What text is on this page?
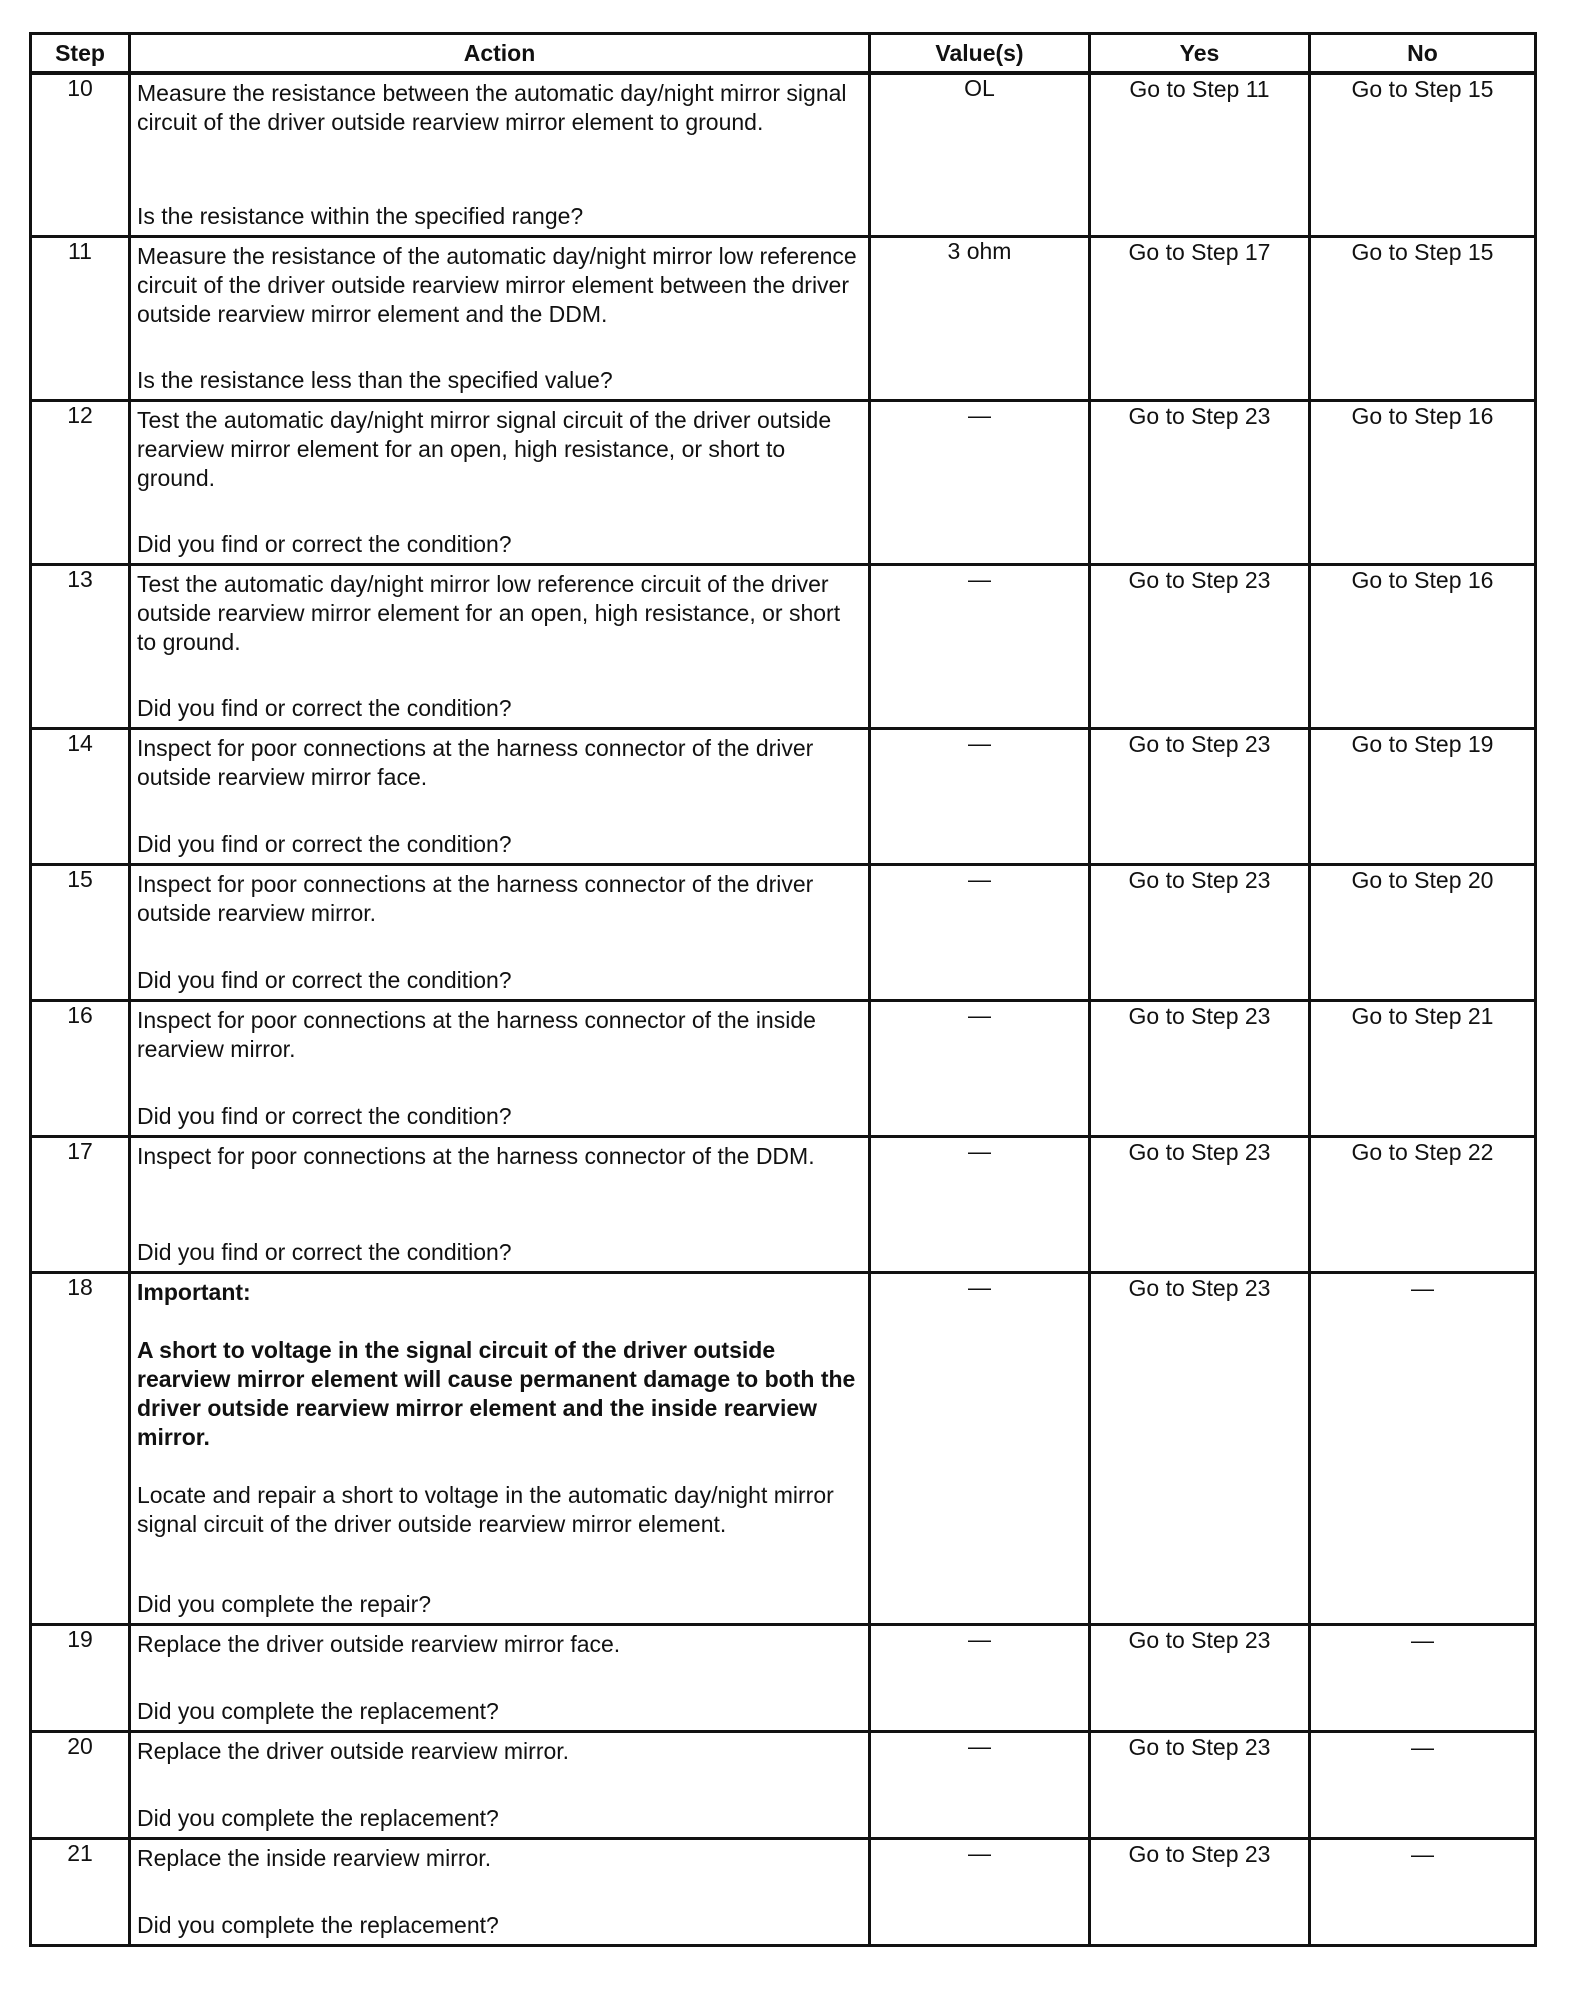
Step	Action	Value(s)	Yes	No
10	Measure the resistance between the automatic day/night mirror signal circuit of the driver outside rearview mirror element to ground.

Is the resistance within the specified range?	OL	Go to Step 11	Go to Step 15
11	Measure the resistance of the automatic day/night mirror low reference circuit of the driver outside rearview mirror element between the driver outside rearview mirror element and the DDM.

Is the resistance less than the specified value?	3 ohm	Go to Step 17	Go to Step 15
12	Test the automatic day/night mirror signal circuit of the driver outside rearview mirror element for an open, high resistance, or short to ground.

Did you find or correct the condition?	—	Go to Step 23	Go to Step 16
13	Test the automatic day/night mirror low reference circuit of the driver outside rearview mirror element for an open, high resistance, or short to ground.

Did you find or correct the condition?	—	Go to Step 23	Go to Step 16
14	Inspect for poor connections at the harness connector of the driver outside rearview mirror face.

Did you find or correct the condition?	—	Go to Step 23	Go to Step 19
15	Inspect for poor connections at the harness connector of the driver outside rearview mirror.

Did you find or correct the condition?	—	Go to Step 23	Go to Step 20
16	Inspect for poor connections at the harness connector of the inside rearview mirror.

Did you find or correct the condition?	—	Go to Step 23	Go to Step 21
17	Inspect for poor connections at the harness connector of the DDM.

Did you find or correct the condition?	—	Go to Step 23	Go to Step 22
18	Important:

A short to voltage in the signal circuit of the driver outside rearview mirror element will cause permanent damage to both the driver outside rearview mirror element and the inside rearview mirror.

Locate and repair a short to voltage in the automatic day/night mirror signal circuit of the driver outside rearview mirror element.

Did you complete the repair?	—	Go to Step 23	—
19	Replace the driver outside rearview mirror face.

Did you complete the replacement?	—	Go to Step 23	—
20	Replace the driver outside rearview mirror.

Did you complete the replacement?	—	Go to Step 23	—
21	Replace the inside rearview mirror.

Did you complete the replacement?	—	Go to Step 23	—
